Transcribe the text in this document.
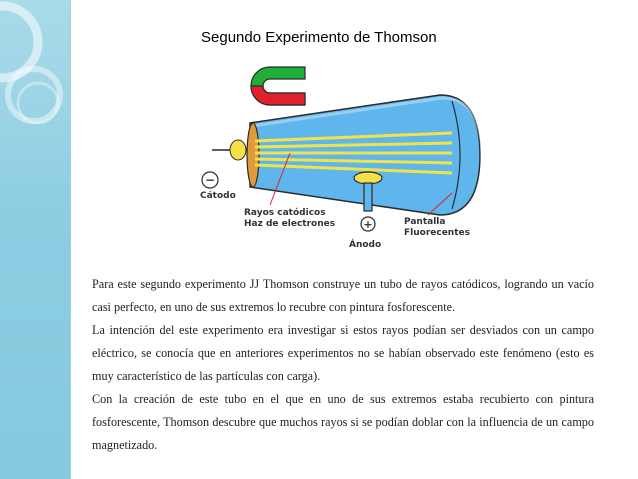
Segundo Experimento de Thomson
+
−
Cátodo
Rayos catódicos
Haz de electrones
Ánodo
Pantalla
Fluorecentes

Para este segundo experimento JJ Thomson construye un tubo de rayos catódicos, logrando un vacío casi perfecto, en uno de sus extremos lo recubre con pintura fosforescente.

La intención del este experimento era investigar si estos rayos podían ser desviados con un campo eléctrico, se conocía que en anteriores experimentos no se habían observado este fenómeno (esto es muy característico de las partículas con carga).

Con la creación de este tubo en el que en uno de sus extremos estaba recubierto con pintura fosforescente, Thomson descubre que muchos rayos si se podían doblar con la influencia de un campo magnetizado.
